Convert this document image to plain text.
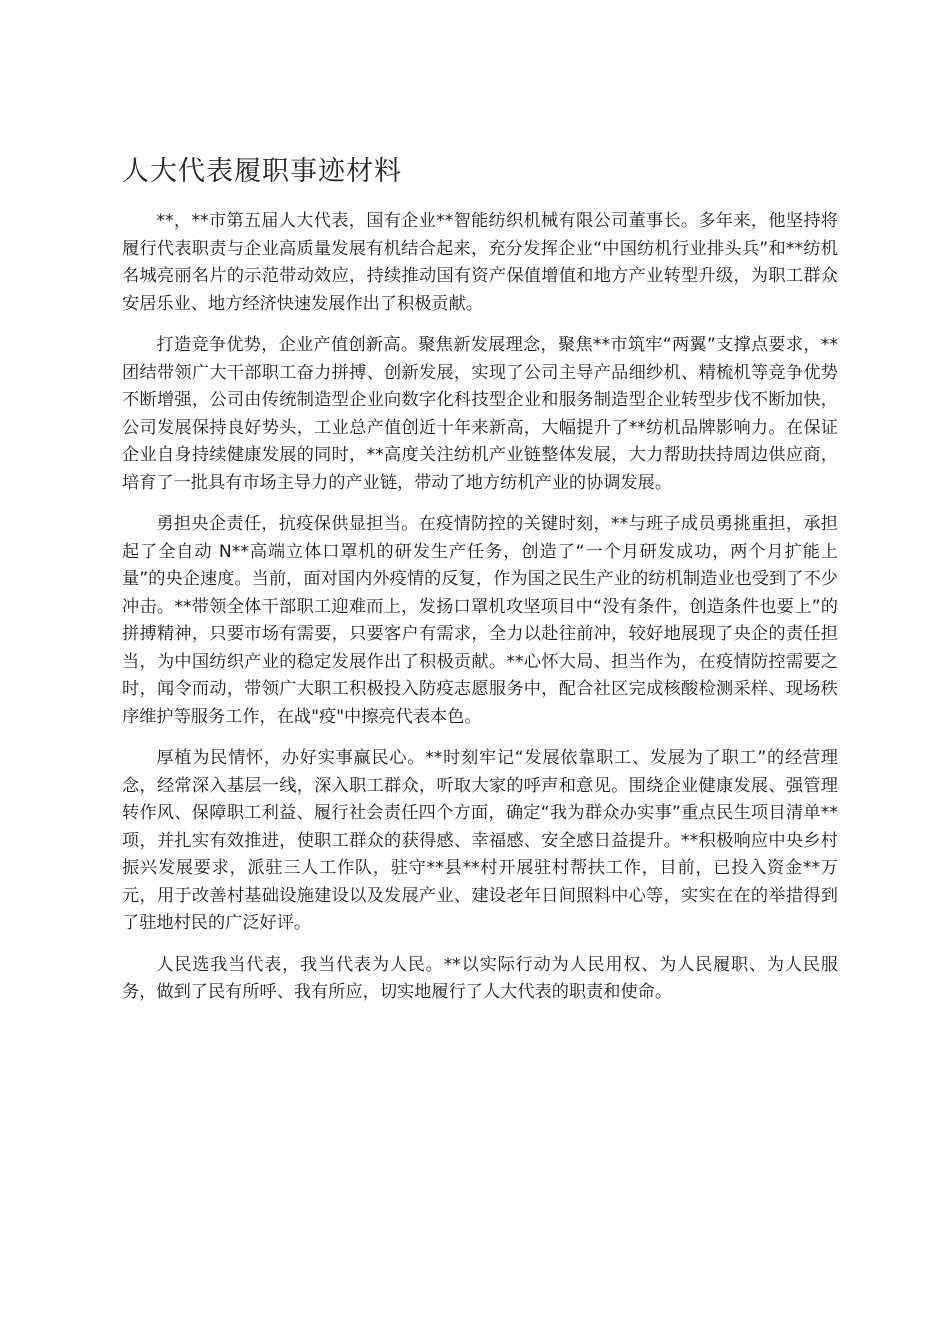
人大代表履职事迹材料

**，**市第五届人大代表，国有企业**智能纺织机械有限公司董事长。多年来，他坚持将履行代表职责与企业高质量发展有机结合起来，充分发挥企业“中国纺机行业排头兵”和**纺机名城亮丽名片的示范带动效应，持续推动国有资产保值增值和地方产业转型升级，为职工群众安居乐业、地方经济快速发展作出了积极贡献。

打造竞争优势，企业产值创新高。聚焦新发展理念，聚焦**市筑牢“两翼”支撑点要求，**团结带领广大干部职工奋力拼搏、创新发展，实现了公司主导产品细纱机、精梳机等竞争优势不断增强，公司由传统制造型企业向数字化科技型企业和服务制造型企业转型步伐不断加快，公司发展保持良好势头，工业总产值创近十年来新高，大幅提升了**纺机品牌影响力。在保证企业自身持续健康发展的同时，**高度关注纺机产业链整体发展，大力帮助扶持周边供应商，培育了一批具有市场主导力的产业链，带动了地方纺机产业的协调发展。

勇担央企责任，抗疫保供显担当。在疫情防控的关键时刻，**与班子成员勇挑重担，承担起了全自动 N**高端立体口罩机的研发生产任务，创造了“一个月研发成功，两个月扩能上量”的央企速度。当前，面对国内外疫情的反复，作为国之民生产业的纺机制造业也受到了不少冲击。**带领全体干部职工迎难而上，发扬口罩机攻坚项目中“没有条件，创造条件也要上”的拼搏精神，只要市场有需要，只要客户有需求，全力以赴往前冲，较好地展现了央企的责任担当，为中国纺织产业的稳定发展作出了积极贡献。**心怀大局、担当作为，在疫情防控需要之时，闻令而动，带领广大职工积极投入防疫志愿服务中，配合社区完成核酸检测采样、现场秩序维护等服务工作，在战"疫"中擦亮代表本色。

厚植为民情怀，办好实事赢民心。**时刻牢记“发展依靠职工、发展为了职工”的经营理念，经常深入基层一线，深入职工群众，听取大家的呼声和意见。围绕企业健康发展、强管理转作风、保障职工利益、履行社会责任四个方面，确定“我为群众办实事”重点民生项目清单**项，并扎实有效推进，使职工群众的获得感、幸福感、安全感日益提升。**积极响应中央乡村振兴发展要求，派驻三人工作队，驻守**县**村开展驻村帮扶工作，目前，已投入资金**万元，用于改善村基础设施建设以及发展产业、建设老年日间照料中心等，实实在在的举措得到了驻地村民的广泛好评。

人民选我当代表，我当代表为人民。**以实际行动为人民用权、为人民履职、为人民服务，做到了民有所呼、我有所应，切实地履行了人大代表的职责和使命。
